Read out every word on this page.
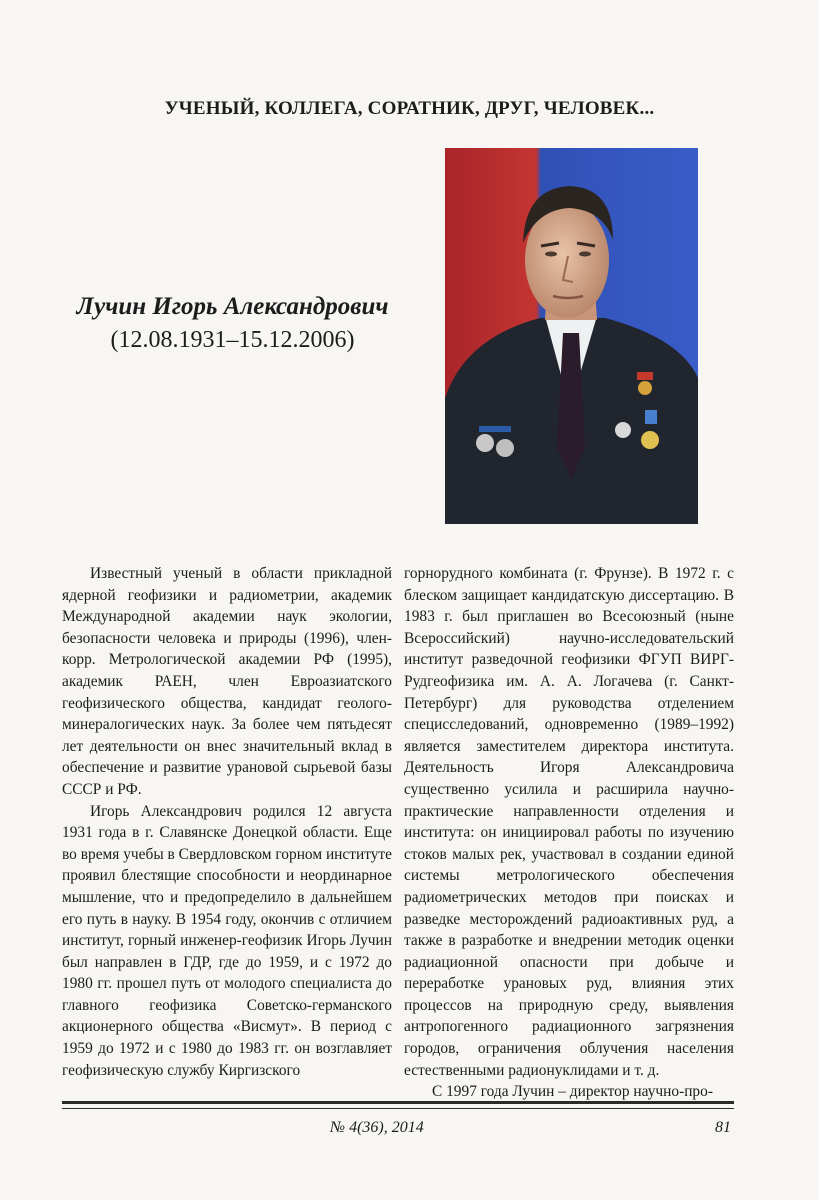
УЧЕНЫЙ, КОЛЛЕГА, СОРАТНИК, ДРУГ, ЧЕЛОВЕК...
Лучин Игорь Александрович
(12.08.1931–15.12.2006)

Известный ученый в области прикладной ядерной геофизики и радиометрии, академик Международной академии наук экологии, безопасности человека и природы (1996), член-корр. Метрологической академии РФ (1995), академик РАЕН, член Евроазиатского геофизического общества, кандидат геолого-минералогических наук. За более чем пятьдесят лет деятельности он внес значительный вклад в обеспечение и развитие урановой сырьевой базы СССР и РФ.

Игорь Александрович родился 12 августа 1931 года в г. Славянске Донецкой области. Еще во время учебы в Свердловском горном институте проявил блестящие способности и неординарное мышление, что и предопределило в дальнейшем его путь в науку. В 1954 году, окончив с отличием институт, горный инженер-геофизик Игорь Лучин был направлен в ГДР, где до 1959, и с 1972 до 1980 гг. прошел путь от молодого специалиста до главного геофизика Советско-германского акционерного общества «Висмут». В период с 1959 до 1972 и с 1980 до 1983 гг. он возглавляет геофизическую службу Киргизского

горнорудного комбината (г. Фрунзе). В 1972 г. с блеском защищает кандидатскую диссертацию. В 1983 г. был приглашен во Всесоюзный (ныне Всероссийский) научно-исследовательский институт разведочной геофизики ФГУП ВИРГ-Рудгеофизика им. А. А. Логачева (г. Санкт-Петербург) для руководства отделением специсследований, одновременно (1989–1992) является заместителем директора института. Деятельность Игоря Александровича существенно усилила и расширила научно-практические направленности отделения и института: он инициировал работы по изучению стоков малых рек, участвовал в создании единой системы метрологического обеспечения радиометрических методов при поисках и разведке месторождений радиоактивных руд, а также в разработке и внедрении методик оценки радиационной опасности при добыче и переработке урановых руд, влияния этих процессов на природную среду, выявления антропогенного радиационного загрязнения городов, ограничения облучения населения естественными радионуклидами и т. д.

С 1997 года Лучин – директор научно-про-

№ 4(36), 2014	81
